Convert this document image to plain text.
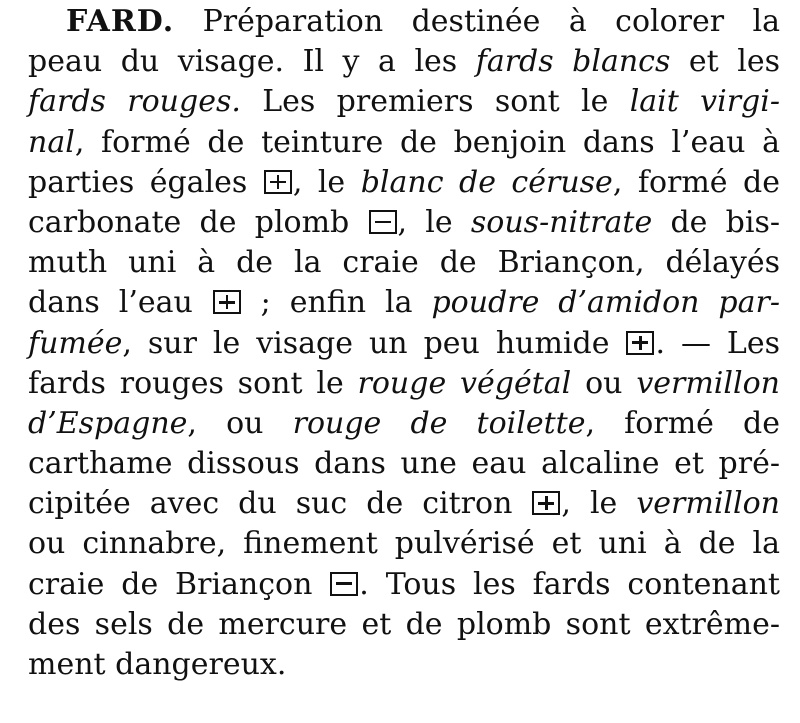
FARD. Préparation destinée à colorer la
peau du visage. Il y a les fards blancs et les
fards rouges. Les premiers sont le lait virgi-
nal, formé de teinture de benjoin dans l’eau à
parties égales
, le blanc de céruse, formé de
carbonate de plomb
, le sous-nitrate de bis-
muth uni à de la craie de Briançon, délayés
dans l’eau
; enfin la poudre d’amidon par-
fumée, sur le visage un peu humide
. — Les
fards rouges sont le rouge végétal ou vermillon
d’Espagne, ou rouge de toilette, formé de
carthame dissous dans une eau alcaline et pré-
cipitée avec du suc de citron
, le vermillon
ou cinnabre, finement pulvérisé et uni à de la
craie de Briançon
. Tous les fards contenant
des sels de mercure et de plomb sont extrême-
ment dangereux.
